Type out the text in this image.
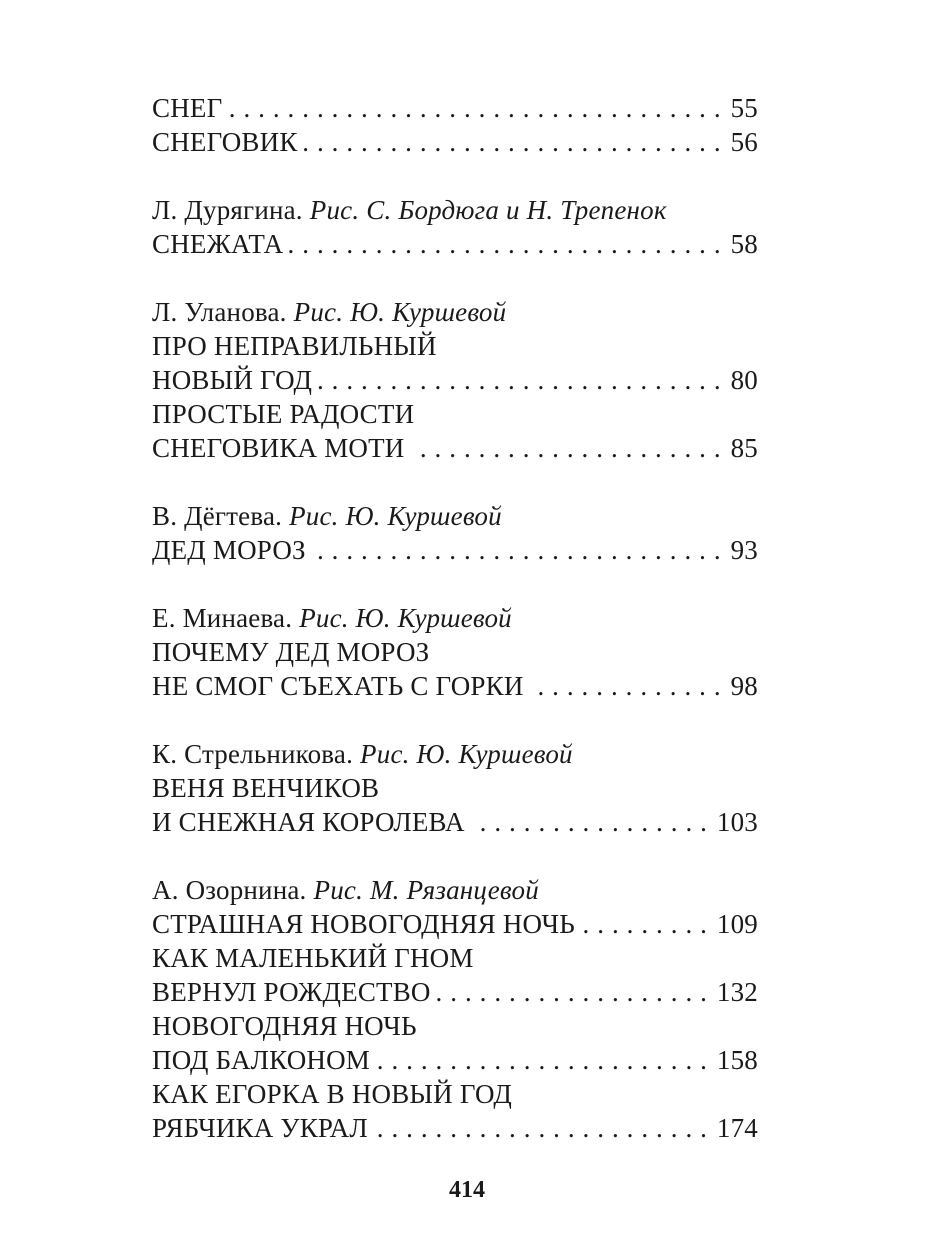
СНЕГ . . .	55
СНЕГОВИК . . .	56
Л. Дурягина. Рис. С. Бордюга и Н. Трепенок
СНЕЖАТА . . .	58
Л. Уланова. Рис. Ю. Куршевой
ПРО НЕПРАВИЛЬНЫЙ
НОВЫЙ ГОД . . .	80
ПРОСТЫЕ РАДОСТИ
СНЕГОВИКА МОТИ . . .	85
В. Дёгтева. Рис. Ю. Куршевой
ДЕД МОРОЗ . . .	93
Е. Минаева. Рис. Ю. Куршевой
ПОЧЕМУ ДЕД МОРОЗ
НЕ СМОГ СЪЕХАТЬ С ГОРКИ . . .	98
К. Стрельникова. Рис. Ю. Куршевой
ВЕНЯ ВЕНЧИКОВ
И СНЕЖНАЯ КОРОЛЕВА . . .	103
А. Озорнина. Рис. М. Рязанцевой
СТРАШНАЯ НОВОГОДНЯЯ НОЧЬ . . .	109
КАК МАЛЕНЬКИЙ ГНОМ
ВЕРНУЛ РОЖДЕСТВО . . .	132
НОВОГОДНЯЯ НОЧЬ
ПОД БАЛКОНОМ . . .	158
КАК ЕГОРКА В НОВЫЙ ГОД
РЯБЧИКА УКРАЛ . . .	174
414
